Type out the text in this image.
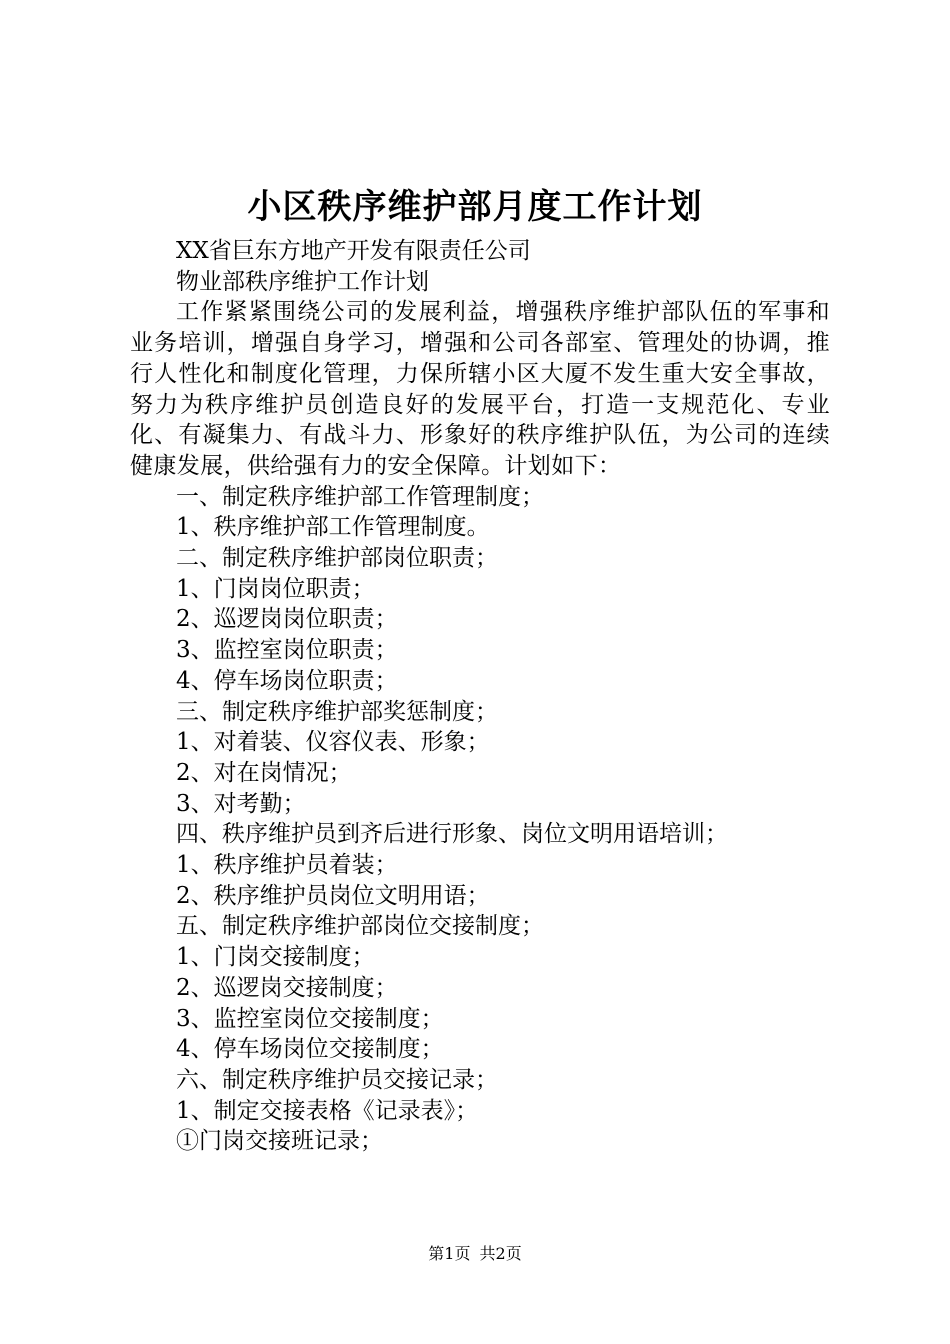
小区秩序维护部月度工作计划
XX省巨东方地产开发有限责任公司
物业部秩序维护工作计划
工作紧紧围绕公司的发展利益，增强秩序维护部队伍的军事和业务培训，增强自身学习，增强和公司各部室、管理处的协调，推行人性化和制度化管理，力保所辖小区大厦不发生重大安全事故，努力为秩序维护员创造良好的发展平台，打造一支规范化、专业化、有凝集力、有战斗力、形象好的秩序维护队伍，为公司的连续健康发展，供给强有力的安全保障。计划如下：
一、制定秩序维护部工作管理制度；
1、秩序维护部工作管理制度。
二、制定秩序维护部岗位职责；
1、门岗岗位职责；
2、巡逻岗岗位职责；
3、监控室岗位职责；
4、停车场岗位职责；
三、制定秩序维护部奖惩制度；
1、对着装、仪容仪表、形象；
2、对在岗情况；
3、对考勤；
四、秩序维护员到齐后进行形象、岗位文明用语培训；
1、秩序维护员着装；
2、秩序维护员岗位文明用语；
五、制定秩序维护部岗位交接制度；
1、门岗交接制度；
2、巡逻岗交接制度；
3、监控室岗位交接制度；
4、停车场岗位交接制度；
六、制定秩序维护员交接记录；
1、制定交接表格《记录表》；
①门岗交接班记录；
第1页 共2页
